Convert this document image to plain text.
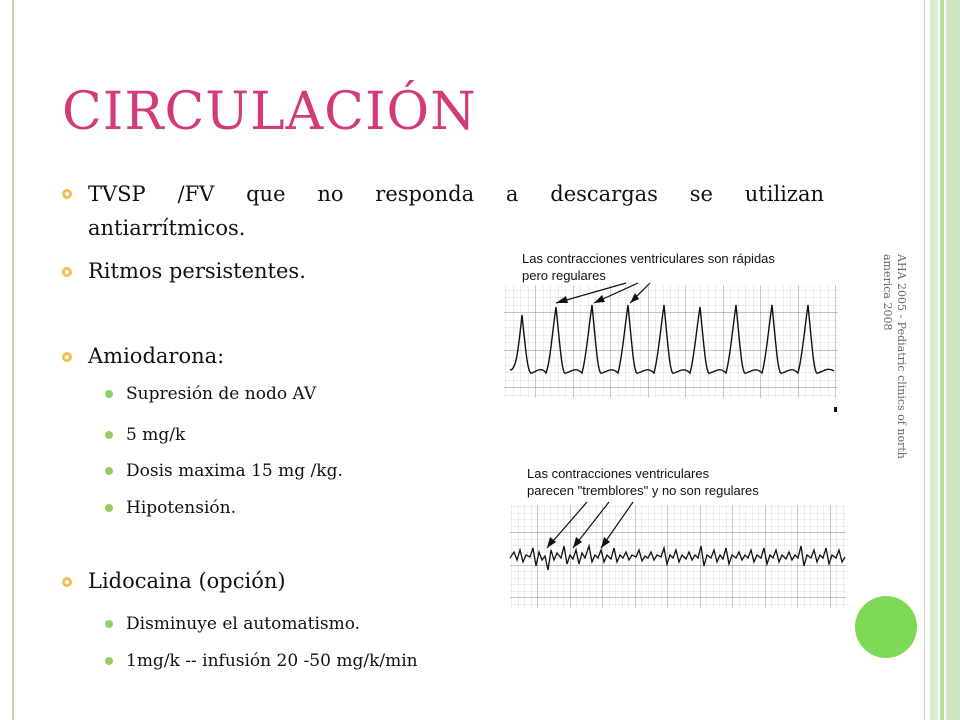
CIRCULACIÓN
TVSP /FV que no responda a descargas se utilizan
antiarrítmicos.
Ritmos persistentes.
Amiodarona:
Supresión de nodo AV
5 mg/k
Dosis maxima 15 mg /kg.
Hipotensión.
Lidocaina (opción)
Disminuye el automatismo.
1mg/k -- infusión 20 -50 mg/k/min
Las contracciones ventriculares son rápidas
pero regulares
Las contracciones ventriculares
parecen "tremblores" y no son regulares
AHA 2005 - Pediatric clinics of north
america 2008
